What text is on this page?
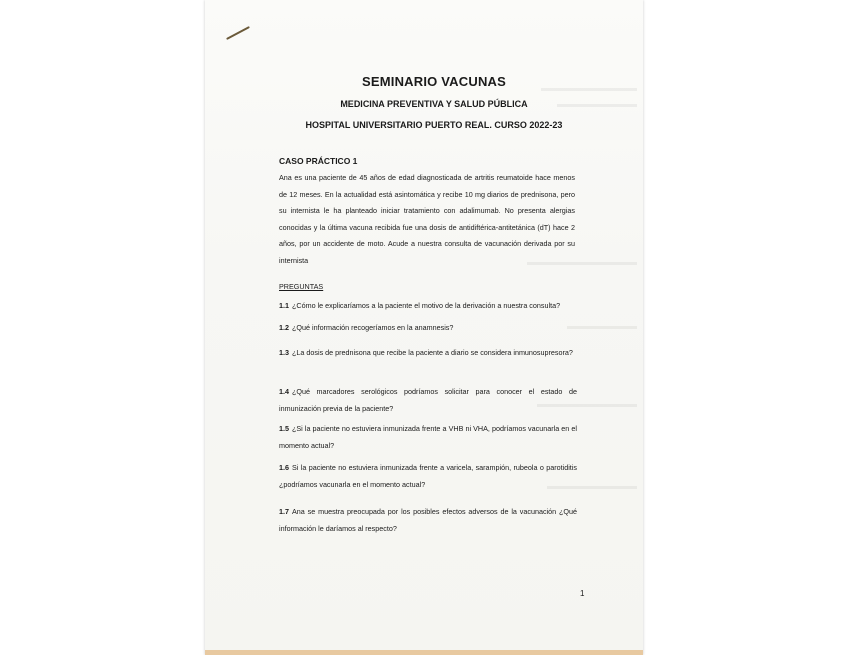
SEMINARIO VACUNAS
MEDICINA PREVENTIVA Y SALUD PÚBLICA
HOSPITAL UNIVERSITARIO PUERTO REAL. CURSO 2022-23
CASO PRÁCTICO 1
Ana es una paciente de 45 años de edad diagnosticada de artritis reumatoide hace menos de 12 meses. En la actualidad está asintomática y recibe 10 mg diarios de prednisona, pero su internista le ha planteado iniciar tratamiento con adalimumab. No presenta alergias conocidas y la última vacuna recibida fue una dosis de antidiftérica-antitetánica (dT) hace 2 años, por un accidente de moto. Acude a nuestra consulta de vacunación derivada por su internista
PREGUNTAS
1.1 ¿Cómo le explicaríamos a la paciente el motivo de la derivación a nuestra consulta?
1.2 ¿Qué información recogeríamos en la anamnesis?
1.3 ¿La dosis de prednisona que recibe la paciente a diario se considera inmunosupresora?
1.4 ¿Qué marcadores serológicos podríamos solicitar para conocer el estado de inmunización previa de la paciente?
1.5 ¿Si la paciente no estuviera inmunizada frente a VHB ni VHA, podríamos vacunarla en el momento actual?
1.6 Si la paciente no estuviera inmunizada frente a varicela, sarampión, rubeola o parotiditis ¿podríamos vacunarla en el momento actual?
1.7 Ana se muestra preocupada por los posibles efectos adversos de la vacunación ¿Qué información le daríamos al respecto?
1
